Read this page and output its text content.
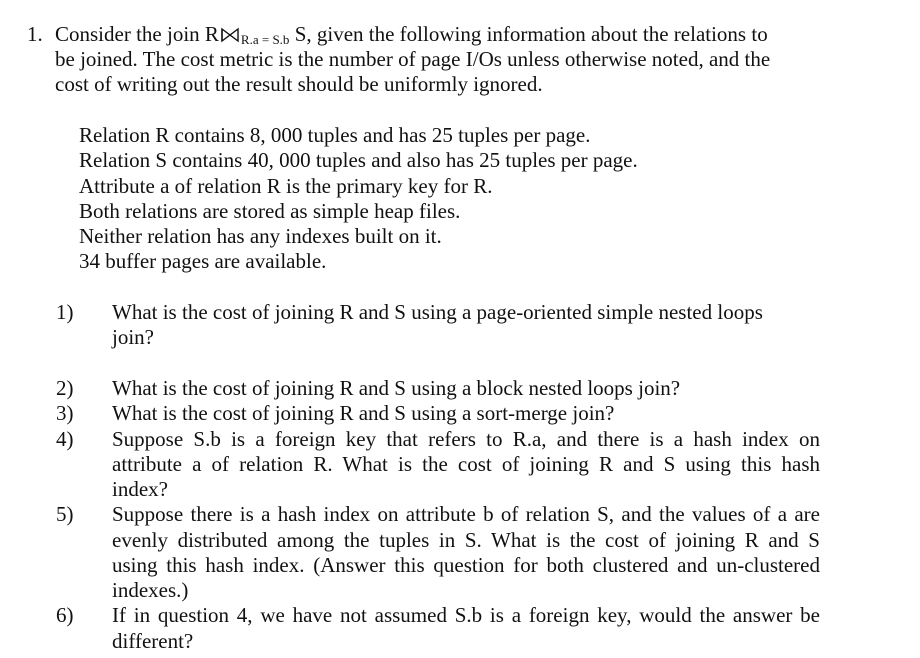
1. Consider the join R R.a = S.b S, given the following information about the relations to
be joined. The cost metric is the number of page I/Os unless otherwise noted, and the
cost of writing out the result should be uniformly ignored.
Relation R contains 8, 000 tuples and has 25 tuples per page.
Relation S contains 40, 000 tuples and also has 25 tuples per page.
Attribute a of relation R is the primary key for R.
Both relations are stored as simple heap files.
Neither relation has any indexes built on it.
34 buffer pages are available.
1) What is the cost of joining R and S using a page-oriented simple nested loops
join?
2) What is the cost of joining R and S using a block nested loops join?
3) What is the cost of joining R and S using a sort-merge join?
4) Suppose S.b is a foreign key that refers to R.a, and there is a hash index on
attribute a of relation R. What is the cost of joining R and S using this hash
index?
5) Suppose there is a hash index on attribute b of relation S, and the values of a are
evenly distributed among the tuples in S. What is the cost of joining R and S
using this hash index. (Answer this question for both clustered and un-clustered
indexes.)
6) If in question 4, we have not assumed S.b is a foreign key, would the answer be
different?
